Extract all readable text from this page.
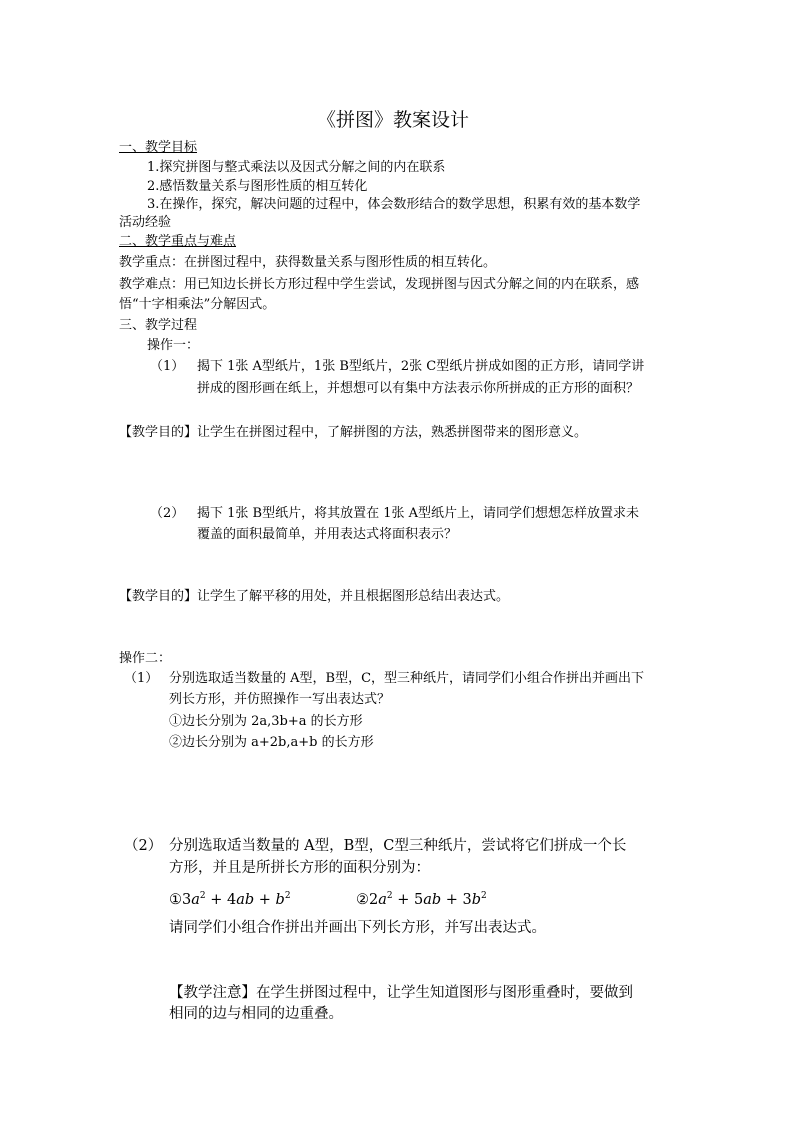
《拼图》教案设计
一、教学目标
1.探究拼图与整式乘法以及因式分解之间的内在联系
2.感悟数量关系与图形性质的相互转化
3.在操作，探究，解决问题的过程中，体会数形结合的数学思想，积累有效的基本数学
活动经验
二、教学重点与难点
教学重点：在拼图过程中，获得数量关系与图形性质的相互转化。
教学难点：用已知边长拼长方形过程中学生尝试，发现拼图与因式分解之间的内在联系，感
悟“十字相乘法”分解因式。
三、教学过程
操作一：
（1） 揭下 1张 A型纸片，1张 B型纸片，2张 C型纸片拼成如图的正方形，请同学讲
拼成的图形画在纸上，并想想可以有集中方法表示你所拼成的正方形的面积？
【教学目的】让学生在拼图过程中，了解拼图的方法，熟悉拼图带来的图形意义。
（2） 揭下 1张 B型纸片，将其放置在 1张 A型纸片上，请同学们想想怎样放置求未
覆盖的面积最简单，并用表达式将面积表示？
【教学目的】让学生了解平移的用处，并且根据图形总结出表达式。
操作二：
（1） 分别选取适当数量的 A型，B型，C，型三种纸片，请同学们小组合作拼出并画出下
列长方形，并仿照操作一写出表达式？
①边长分别为 2a,3b+a 的长方形
②边长分别为 a+2b,a+b 的长方形
（2） 分别选取适当数量的 A型，B型，C型三种纸片，尝试将它们拼成一个长
方形，并且是所拼长方形的面积分别为：
$①3a^2 + 4ab + b^2$	$②2a^2 + 5ab + 3b^2$
请同学们小组合作拼出并画出下列长方形，并写出表达式。
【教学注意】在学生拼图过程中，让学生知道图形与图形重叠时，要做到
相同的边与相同的边重叠。
